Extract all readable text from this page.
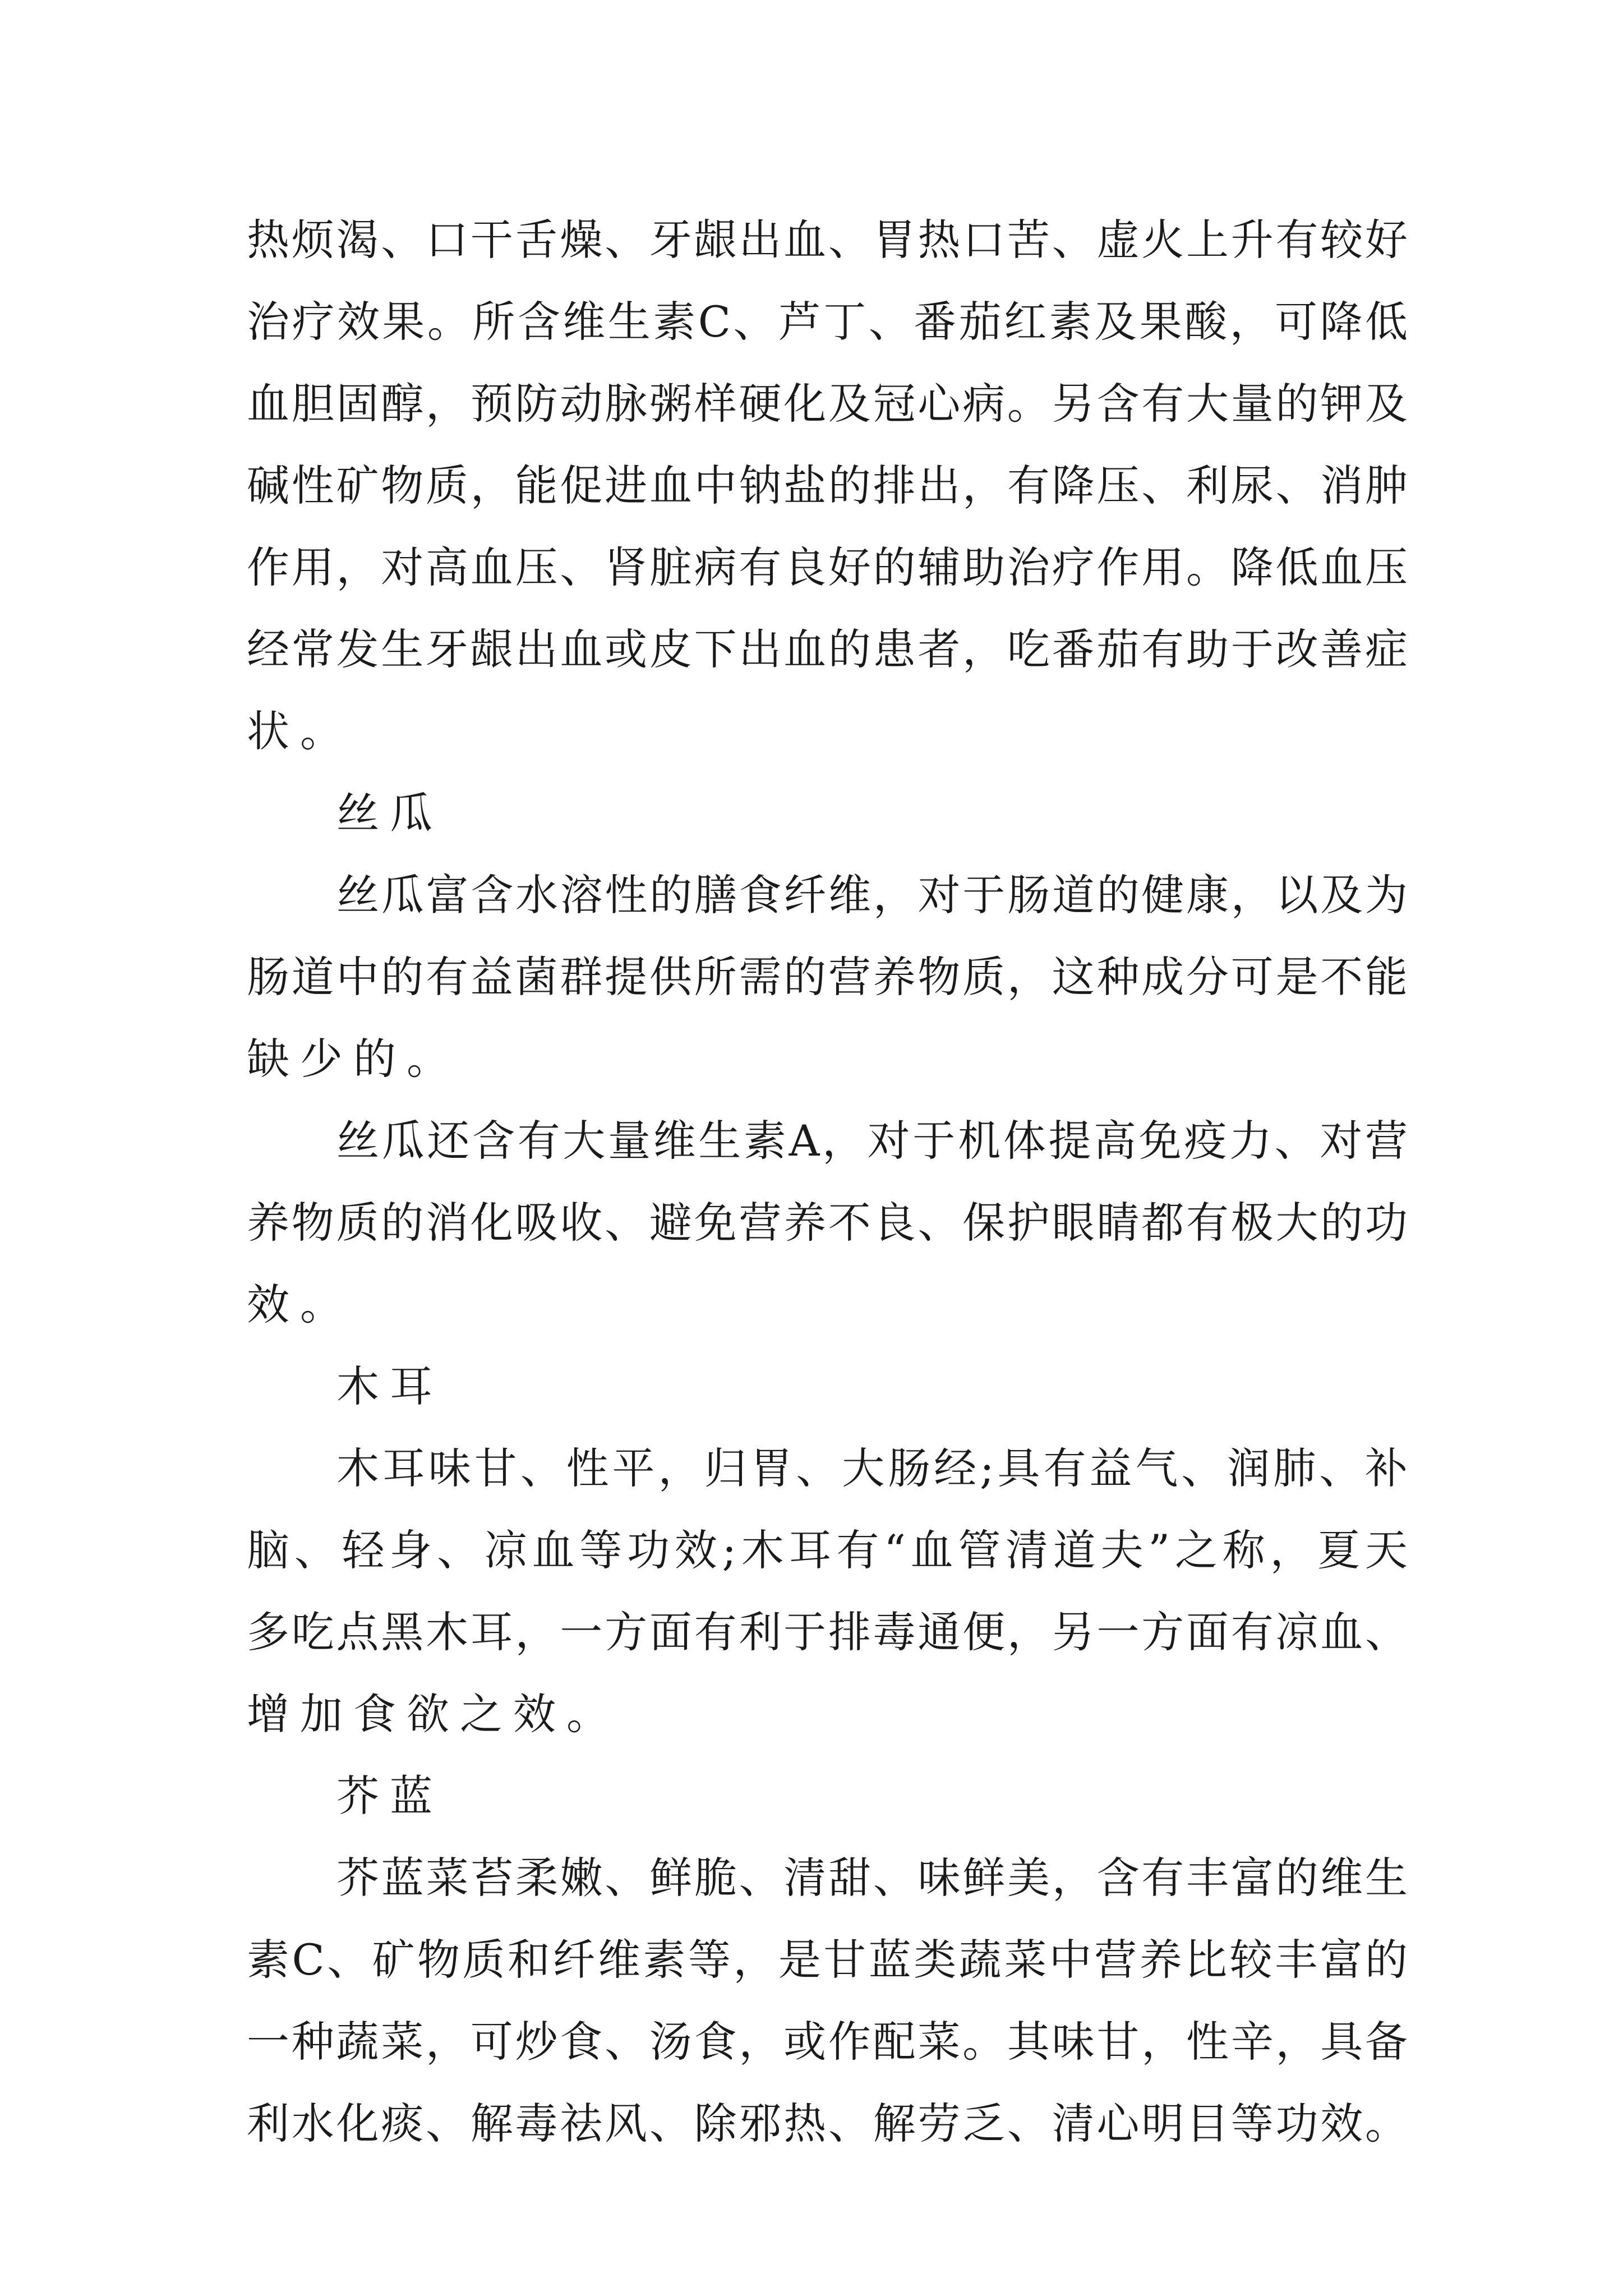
热烦渴、口干舌燥、牙龈出血、胃热口苦、虚火上升有较好
治疗效果。所含维生素C、芦丁、番茄红素及果酸，可降低
血胆固醇，预防动脉粥样硬化及冠心病。另含有大量的钾及
碱性矿物质，能促进血中钠盐的排出，有降压、利尿、消肿
作用，对高血压、肾脏病有良好的辅助治疗作用。降低血压
经常发生牙龈出血或皮下出血的患者，吃番茄有助于改善症
状。
丝瓜
丝瓜富含水溶性的膳食纤维，对于肠道的健康，以及为
肠道中的有益菌群提供所需的营养物质，这种成分可是不能
缺少的。
丝瓜还含有大量维生素A，对于机体提高免疫力、对营
养物质的消化吸收、避免营养不良、保护眼睛都有极大的功
效。
木耳
木耳味甘、性平，归胃、大肠经;具有益气、润肺、补
脑、轻身、凉血等功效;木耳有“血管清道夫”之称，夏天
多吃点黑木耳，一方面有利于排毒通便，另一方面有凉血、
增加食欲之效。
芥蓝
芥蓝菜苔柔嫩、鲜脆、清甜、味鲜美，含有丰富的维生
素C、矿物质和纤维素等，是甘蓝类蔬菜中营养比较丰富的
一种蔬菜，可炒食、汤食，或作配菜。其味甘，性辛，具备
利水化痰、解毒祛风、除邪热、解劳乏、清心明目等功效。
